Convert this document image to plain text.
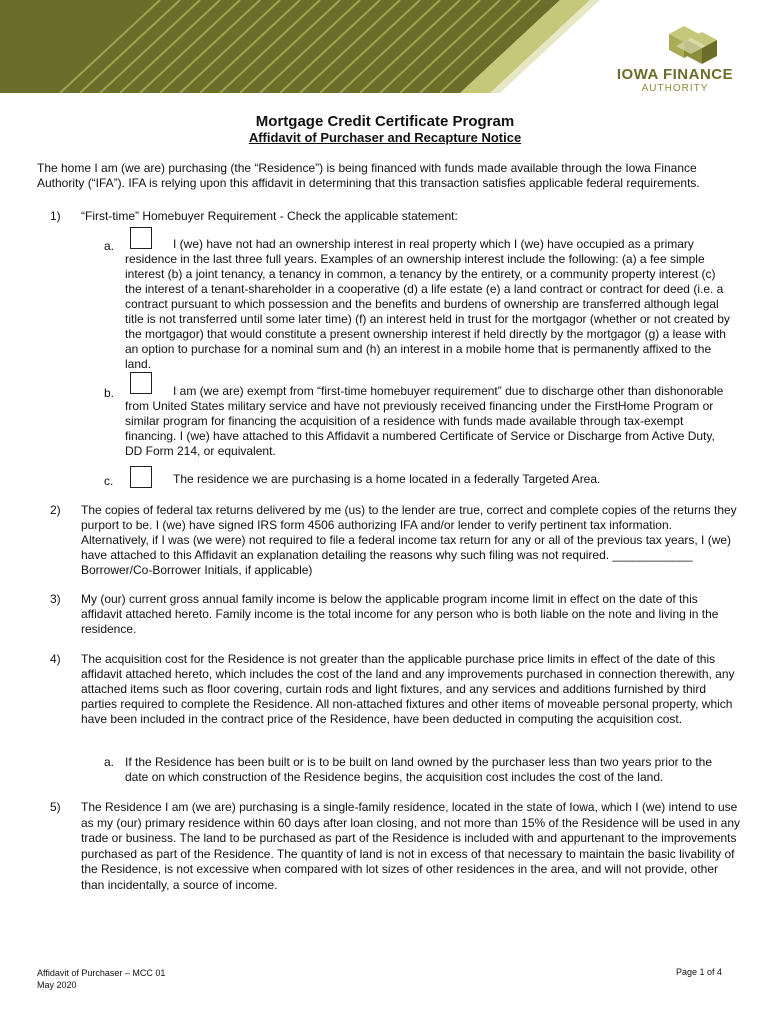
IOWA FINANCE
AUTHORITY
Mortgage Credit Certificate Program
Affidavit of Purchaser and Recapture Notice
The home I am (we are) purchasing (the “Residence”) is being financed with funds made available through the Iowa Finance Authority (“IFA”). IFA is relying upon this affidavit in determining that this transaction satisfies applicable federal requirements.
1) “First-time” Homebuyer Requirement - Check the applicable statement:
a.	I (we) have not had an ownership interest in real property which I (we) have occupied as a primary residence in the last three full years. Examples of an ownership interest include the following: (a) a fee simple interest (b) a joint tenancy, a tenancy in common, a tenancy by the entirety, or a community property interest (c) the interest of a tenant-shareholder in a cooperative (d) a life estate (e) a land contract or contract for deed (i.e. a contract pursuant to which possession and the benefits and burdens of ownership are transferred although legal title is not transferred until some later time) (f) an interest held in trust for the mortgagor (whether or not created by the mortgagor) that would constitute a present ownership interest if held directly by the mortgagor (g) a lease with an option to purchase for a nominal sum and (h) an interest in a mobile home that is permanently affixed to the land.
b.	I am (we are) exempt from “first-time homebuyer requirement” due to discharge other than dishonorable from United States military service and have not previously received financing under the FirstHome Program or similar program for financing the acquisition of a residence with funds made available through tax-exempt financing. I (we) have attached to this Affidavit a numbered Certificate of Service or Discharge from Active Duty, DD Form 214, or equivalent.
c.	The residence we are purchasing is a home located in a federally Targeted Area.
2) The copies of federal tax returns delivered by me (us) to the lender are true, correct and complete copies of the returns they purport to be. I (we) have signed IRS form 4506 authorizing IFA and/or lender to verify pertinent tax information. Alternatively, if I was (we were) not required to file a federal income tax return for any or all of the previous tax years, I (we) have attached to this Affidavit an explanation detailing the reasons why such filing was not required. ____________ Borrower/Co-Borrower Initials, if applicable)
3) My (our) current gross annual family income is below the applicable program income limit in effect on the date of this affidavit attached hereto. Family income is the total income for any person who is both liable on the note and living in the residence.
4) The acquisition cost for the Residence is not greater than the applicable purchase price limits in effect of the date of this affidavit attached hereto, which includes the cost of the land and any improvements purchased in connection therewith, any attached items such as floor covering, curtain rods and light fixtures, and any services and additions furnished by third parties required to complete the Residence. All non-attached fixtures and other items of moveable personal property, which have been included in the contract price of the Residence, have been deducted in computing the acquisition cost.
a. If the Residence has been built or is to be built on land owned by the purchaser less than two years prior to the date on which construction of the Residence begins, the acquisition cost includes the cost of the land.
5) The Residence I am (we are) purchasing is a single-family residence, located in the state of Iowa, which I (we) intend to use as my (our) primary residence within 60 days after loan closing, and not more than 15% of the Residence will be used in any trade or business. The land to be purchased as part of the Residence is included with and appurtenant to the improvements purchased as part of the Residence. The quantity of land is not in excess of that necessary to maintain the basic livability of the Residence, is not excessive when compared with lot sizes of other residences in the area, and will not provide, other than incidentally, a source of income.
Affidavit of Purchaser – MCC 01
May 2020
Page 1 of 4
